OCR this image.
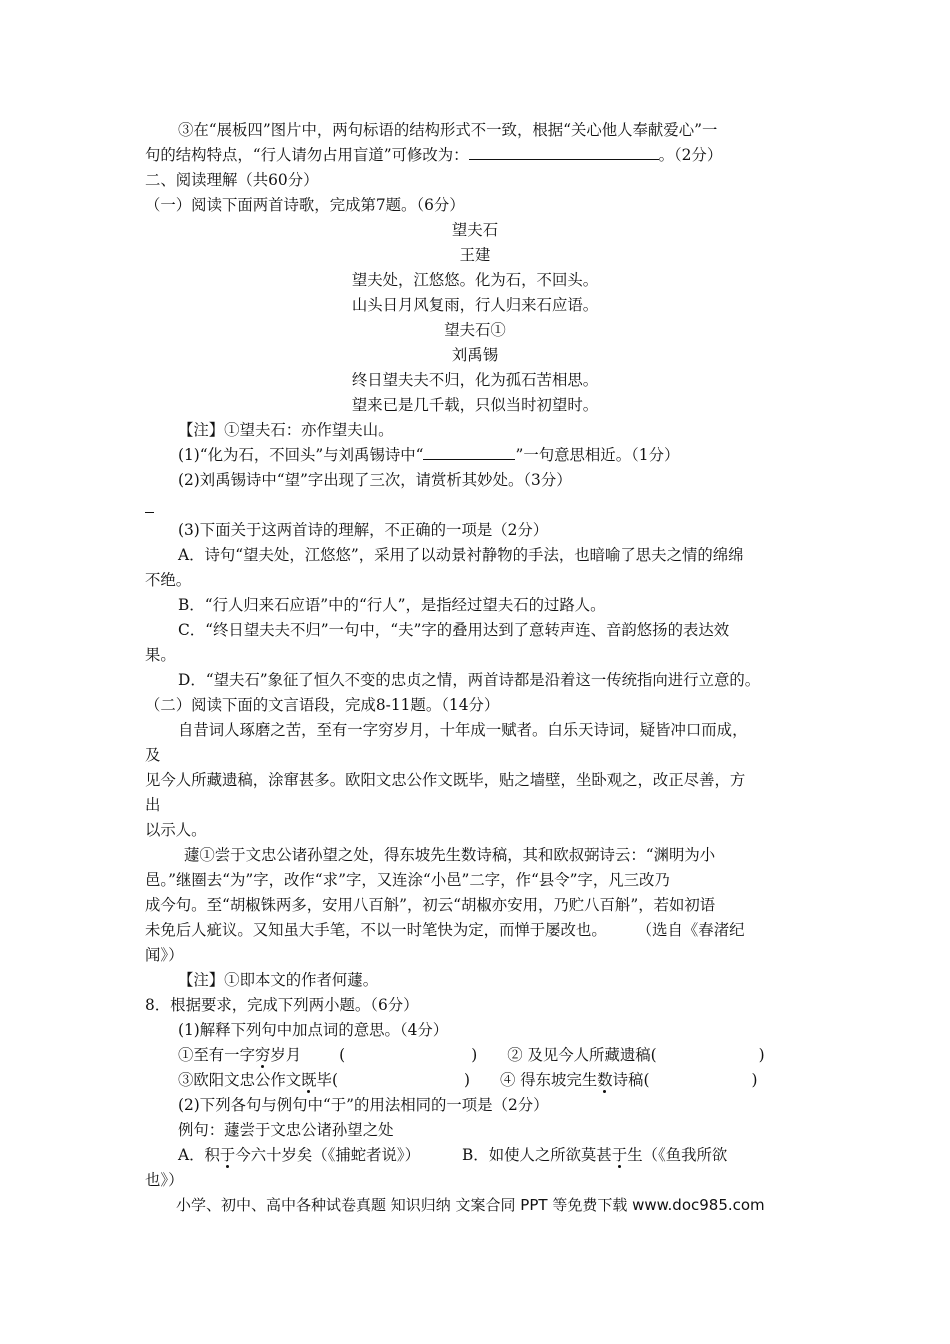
③在“展板四”图片中，两句标语的结构形式不一致，根据“关心他人奉献爱心”一
句的结构特点，“行人请勿占用盲道”可修改为：	。（2分）
二、阅读理解（共60分）
（一）阅读下面两首诗歌，完成第7题。（6分）
望夫石
王建
望夫处，江悠悠。化为石，不回头。
山头日月风复雨，行人归来石应语。
望夫石①
刘禹锡
终日望夫夫不归，化为孤石苦相思。
望来已是几千载，只似当时初望时。
【注】①望夫石：亦作望夫山。
(1)“化为石，不回头”与刘禹锡诗中“	”一句意思相近。（1分）
(2)刘禹锡诗中“望”字出现了三次，请赏析其妙处。（3分）
(3)下面关于这两首诗的理解，不正确的一项是（2分）
A．诗句“望夫处，江悠悠”，采用了以动景衬静物的手法，也暗喻了思夫之情的绵绵
不绝。
B．“行人归来石应语”中的“行人”，是指经过望夫石的过路人。
C．“终日望夫夫不归”一句中，“夫”字的叠用达到了意转声连、音韵悠扬的表达效
果。
D．“望夫石”象征了恒久不变的忠贞之情，两首诗都是沿着这一传统指向进行立意的。
（二）阅读下面的文言语段，完成8-11题。（14分）
自昔词人琢磨之苦，至有一字穷岁月，十年成一赋者。白乐天诗词，疑皆冲口而成，
及
见今人所藏遗稿，涂窜甚多。欧阳文忠公作文既毕，贴之墙壁，坐卧观之，改正尽善，方
出
以示人。
蘧①尝于文忠公诸孙望之处，得东坡先生数诗稿，其和欧叔弼诗云：“渊明为小
邑。”继圈去“为”字，改作“求”字，又连涂“小邑”二字，作“县令”字，凡三改乃
成今句。至“胡椒铢两多，安用八百斛”，初云“胡椒亦安用，乃贮八百斛”，若如初语
未免后人疵议。又知虽大手笔，不以一时笔快为定，而惮于屡改也。 （选自《春渚纪
闻》）
【注】①即本文的作者何蘧。
8．根据要求，完成下列两小题。（6分）
(1)解释下列句中加点词的意思。（4分）
①至有一字穷岁月 (	) ② 及见今人所藏遗稿(	)
③欧阳文忠公作文既毕(	) ④ 得东坡完生数诗稿(	)
(2)下列各句与例句中“于”的用法相同的一项是（2分）
例句：蘧尝于文忠公诸孙望之处
A．积于今六十岁矣（《捕蛇者说》）	B．如使人之所欲莫甚于生（《鱼我所欲
也》）
小学、初中、高中各种试卷真题 知识归纳 文案合同 PPT 等免费下载 www.doc985.com
